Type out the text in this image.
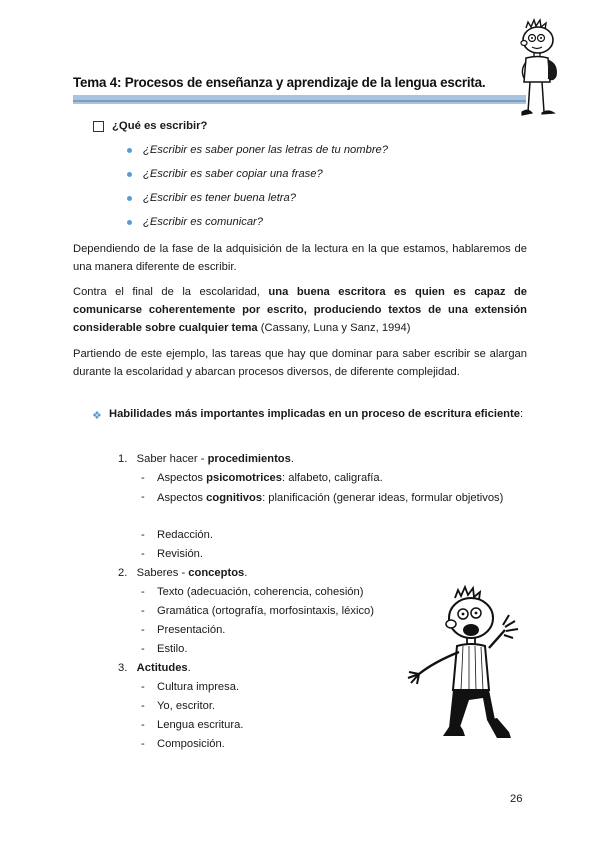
Tema 4: Procesos de enseñanza y aprendizaje de la lengua escrita.
¿Qué es escribir?
¿Escribir es saber poner las letras de tu nombre?
¿Escribir es saber copiar una frase?
¿Escribir es tener buena letra?
¿Escribir es comunicar?
Dependiendo de la fase de la adquisición de la lectura en la que estamos, hablaremos de una manera diferente de escribir.
Contra el final de la escolaridad, una buena escritora es quien es capaz de comunicarse coherentemente por escrito, produciendo textos de una extensión considerable sobre cualquier tema (Cassany, Luna y Sanz, 1994)
Partiendo de este ejemplo, las tareas que hay que dominar para saber escribir se alargan durante la escolaridad y abarcan procesos diversos, de diferente complejidad.
❖ Habilidades más importantes implicadas en un proceso de escritura eficiente:
1. Saber hacer - procedimientos.
- Aspectos psicomotrices: alfabeto, caligrafía.
- Aspectos cognitivos: planificación (generar ideas, formular objetivos)
- Redacción.
- Revisión.
2. Saberes - conceptos.
- Texto (adecuación, coherencia, cohesión)
- Gramática (ortografía, morfosintaxis, léxico)
- Presentación.
- Estilo.
3. Actitudes.
- Cultura impresa.
- Yo, escritor.
- Lengua escritura.
- Composición.
26
